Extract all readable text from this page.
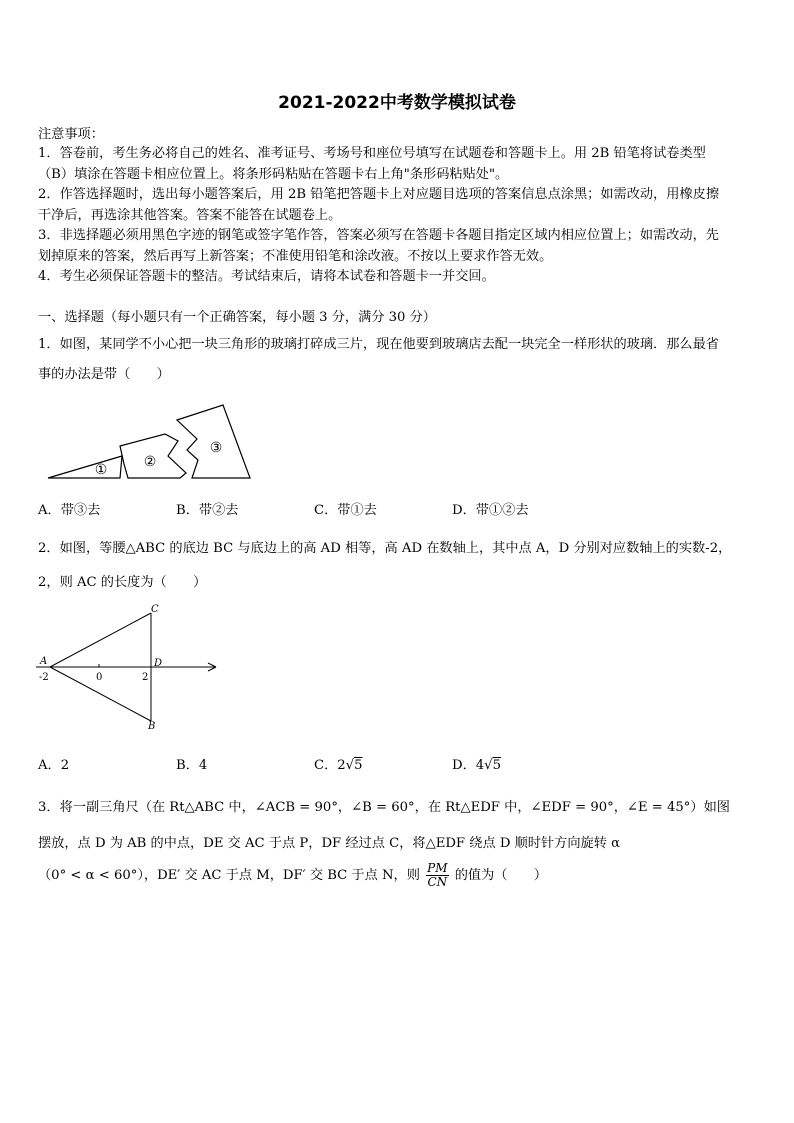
2021-2022中考数学模拟试卷
注意事项：
1．答卷前，考生务必将自己的姓名、准考证号、考场号和座位号填写在试题卷和答题卡上。用 2B 铅笔将试卷类型
（B）填涂在答题卡相应位置上。将条形码粘贴在答题卡右上角"条形码粘贴处"。
2．作答选择题时，选出每小题答案后，用 2B 铅笔把答题卡上对应题目选项的答案信息点涂黑；如需改动，用橡皮擦
干净后，再选涂其他答案。答案不能答在试题卷上。
3．非选择题必须用黑色字迹的钢笔或签字笔作答，答案必须写在答题卡各题目指定区域内相应位置上；如需改动，先
划掉原来的答案，然后再写上新答案；不准使用铅笔和涂改液。不按以上要求作答无效。
4．考生必须保证答题卡的整洁。考试结束后，请将本试卷和答题卡一并交回。
一、选择题（每小题只有一个正确答案，每小题 3 分，满分 30 分）
1．如图，某同学不小心把一块三角形的玻璃打碎成三片，现在他要到玻璃店去配一块完全一样形状的玻璃．那么最省
事的办法是带（　　）
①	②
③
A．带③去	B．带②去	C．带①去	D．带①②去
2．如图，等腰△ABC 的底边 BC 与底边上的高 AD 相等，高 AD 在数轴上，其中点 A，D 分别对应数轴上的实数-2，
2，则 AC 的长度为（　　）
C
A	D
B
-2	0	2
A．2	B．4	C．2√5	D．4√5
3．将一副三角尺（在 Rt△ABC 中，∠ACB = 90°，∠B = 60°，在 Rt△EDF 中，∠EDF = 90°，∠E = 45°）如图
摆放，点 D 为 AB 的中点，DE 交 AC 于点 P，DF 经过点 C，将△EDF 绕点 D 顺时针方向旋转 α
（0° < α < 60°），DE′ 交 AC 于点 M，DF′ 交 BC 于点 N，则 $\frac{PM}{CN}$ 的值为（　　）
